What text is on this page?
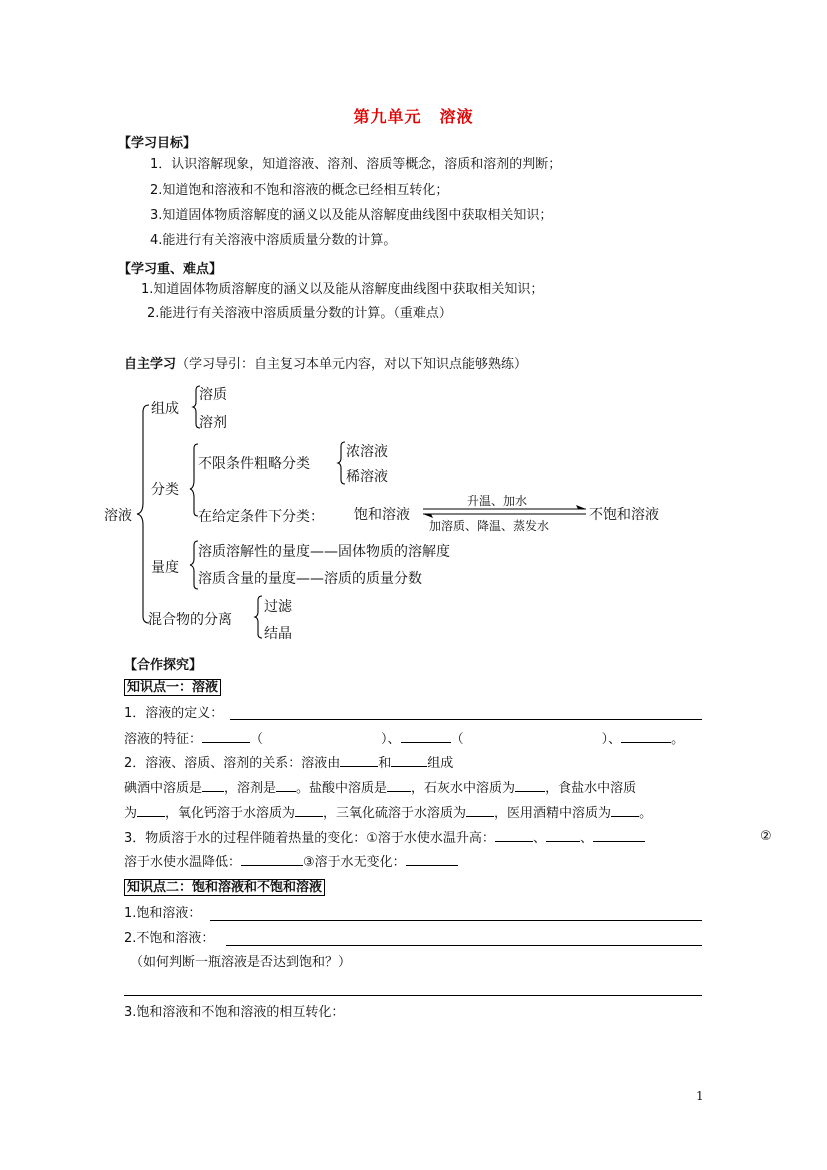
第九单元 溶液
【学习目标】
1．认识溶解现象，知道溶液、溶剂、溶质等概念，溶质和溶剂的判断；
2.知道饱和溶液和不饱和溶液的概念已经相互转化；
3.知道固体物质溶解度的涵义以及能从溶解度曲线图中获取相关知识；
4.能进行有关溶液中溶质质量分数的计算。
【学习重、难点】
1.知道固体物质溶解度的涵义以及能从溶解度曲线图中获取相关知识；
2.能进行有关溶液中溶质质量分数的计算。（重难点）
自主学习（学习导引：自主复习本单元内容，对以下知识点能够熟练）
溶液
组成
溶质
溶剂
分类
不限条件粗略分类
浓溶液
稀溶液
在给定条件下分类： 饱和溶液	不饱和溶液
量度
溶质溶解性的量度——固体物质的溶解度
溶质含量的量度——溶质的质量分数
混合物的分离
过滤
结晶
升温、加水
加溶质、降温、蒸发水
【合作探究】
知识点一：溶液
1．溶液的定义：
溶液的特征：	（	）、	（	）、	。
2．溶液、溶质、溶剂的关系：溶液由	和	组成
碘酒中溶质是 ，溶剂是 。盐酸中溶质是 ，石灰水中溶质为 ，食盐水中溶质
为 ，氧化钙溶于水溶质为 ，三氧化硫溶于水溶质为 ，医用酒精中溶质为 。
3．物质溶于水的过程伴随着热量的变化：①溶于水使水温升高：	、	、	②
溶于水使水温降低：	③溶于水无变化：
知识点二：饱和溶液和不饱和溶液
1.饱和溶液：
2.不饱和溶液：
（如何判断一瓶溶液是否达到饱和？）
3.饱和溶液和不饱和溶液的相互转化：
1
